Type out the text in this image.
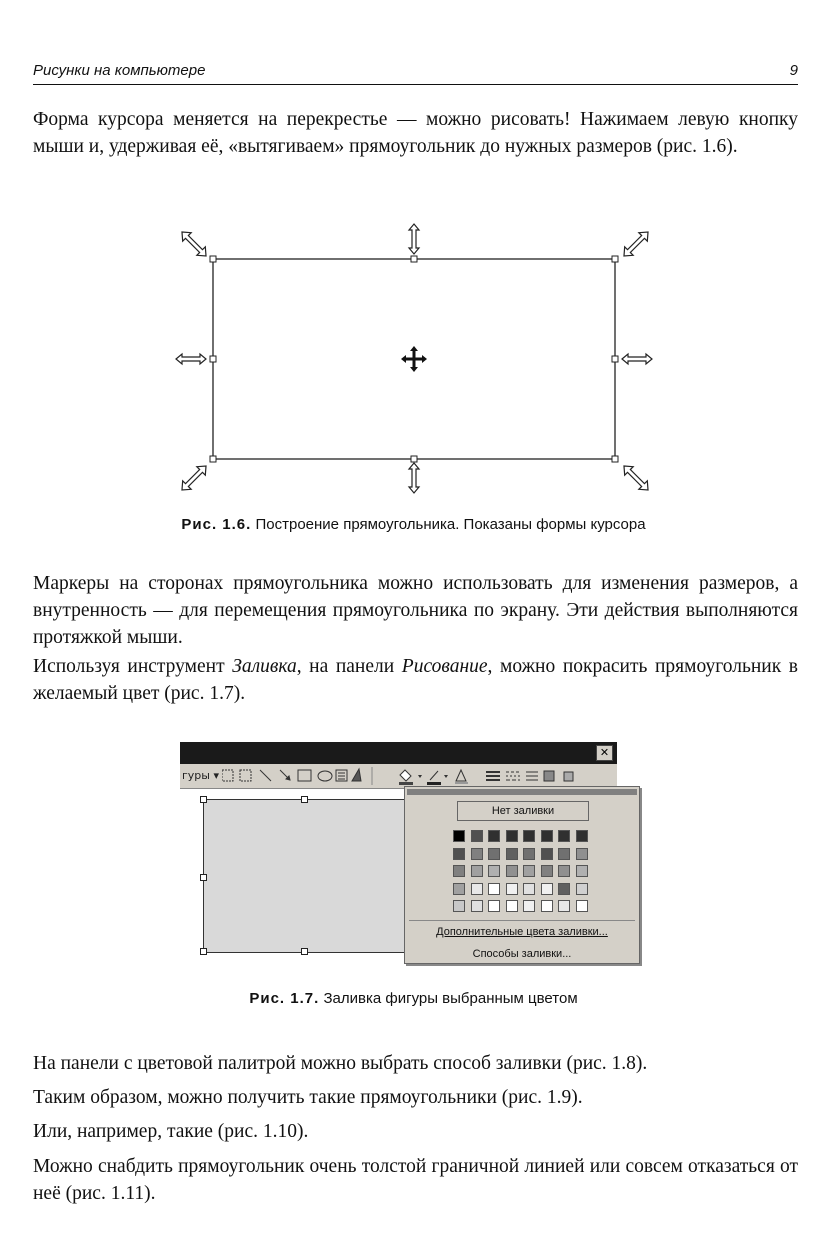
Рисунки на компьютере	9
Форма курсора меняется на перекрестье — можно рисовать! Нажимаем левую кнопку мыши и, удерживая её, «вытягиваем» прямоугольник до нужных размеров (рис. 1.6).
Рис. 1.6. Построение прямоугольника. Показаны формы курсора
Маркеры на сторонах прямоугольника можно использовать для изменения размеров, а внутренность — для перемещения прямоугольника по экрану. Эти действия выполняются протяжкой мыши.
Используя инструмент Заливка, на панели Рисование, можно покрасить прямоугольник в желаемый цвет (рис. 1.7).
✕
гуры ▾
Нет заливки
Дополнительные цвета заливки...
Способы заливки...
Рис. 1.7. Заливка фигуры выбранным цветом
На панели с цветовой палитрой можно выбрать способ заливки (рис. 1.8).
Таким образом, можно получить такие прямоугольники (рис. 1.9).
Или, например, такие (рис. 1.10).
Можно снабдить прямоугольник очень толстой граничной линией или совсем отказаться от неё (рис. 1.11).
